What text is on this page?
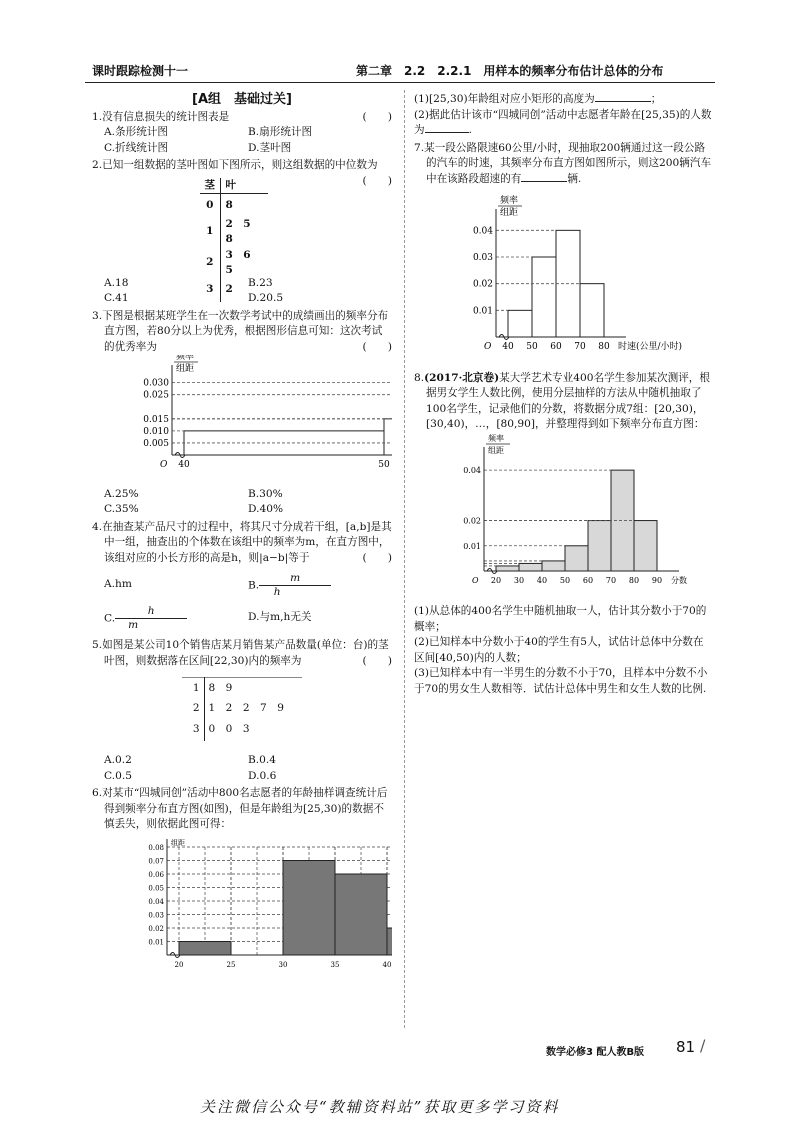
课时跟踪检测十一	第二章　2.2　2.2.1　用样本的频率分布估计总体的分布
[A组　基础过关]

1.没有信息损失的统计图表是	(　　)

A.条形统计图	B.扇形统计图
C.折线统计图	D.茎叶图

2.已知一组数据的茎叶图如下图所示，则这组数据的中位数为
(　　)

茎	叶
0	8
1	2　5　8
2	3　6　5
3	2
A.18	B.23
C.41	D.20.5

3.下图是根据某班学生在一次数学考试中的成绩画出的频率分布直方图，若80分以上为优秀，根据图形信息可知：这次考试的优秀率为	(　　)

0.005
0.010
0.015
0.025
0.030
40	50
频率
组距
O
A.25%	B.30%
C.35%	D.40%

4.在抽查某产品尺寸的过程中，将其尺寸分成若干组，[a,b]是其中一组，抽查出的个体数在该组中的频率为m，在直方图中，该组对应的小长方形的高是h，则|a−b|等于	(　　)

A.hm	B. $\frac{m}{h}$
C. $\frac{h}{m}$	D.与m,h无关

5.如图是某公司10个销售店某月销售某产品数量(单位：台)的茎叶图，则数据落在区间[22,30)内的频率为	(　　)

1	8　9
2	1　2　2　7　9
3	0　0　3
A.0.2	B.0.4
C.0.5	D.0.6

6.对某市“四城同创”活动中800名志愿者的年龄抽样调查统计后得到频率分布直方图(如图)，但是年龄组为[25,30)的数据不慎丢失，则依据此图可得：

0.01
0.02
0.03
0.04
0.05
0.06
0.07
0.08
20	25	30	35	40
组距

(1)[25,30)年龄组对应小矩形的高度为	；

(2)据此估计该市“四城同创”活动中志愿者年龄在[25,35)的人数为	.

7.某一段公路限速60公里/小时，现抽取200辆通过这一段公路的汽车的时速，其频率分布直方图如图所示，则这200辆汽车中在该路段超速的有	辆.

0.01
0.02
0.03
0.04
40 50 60 70 80
频率
组距
时速(公里/小时)
O

8.(2017·北京卷)某大学艺术专业400名学生参加某次测评，根据男女学生人数比例，使用分层抽样的方法从中随机抽取了100名学生，记录他们的分数，将数据分成7组：[20,30)，[30,40)，…，[80,90]，并整理得到如下频率分布直方图：

0.01
0.02
0.04
20 30 40 50 60 70 80 90
频率
组距
分数
O

(1)从总体的400名学生中随机抽取一人，估计其分数小于70的概率；

(2)已知样本中分数小于40的学生有5人，试估计总体中分数在区间[40,50)内的人数；

(3)已知样本中有一半男生的分数不小于70，且样本中分数不小于70的男女生人数相等．试估计总体中男生和女生人数的比例.

数学必修3 配人教B版 81 /
关注微信公众号“教辅资料站”获取更多学习资料
